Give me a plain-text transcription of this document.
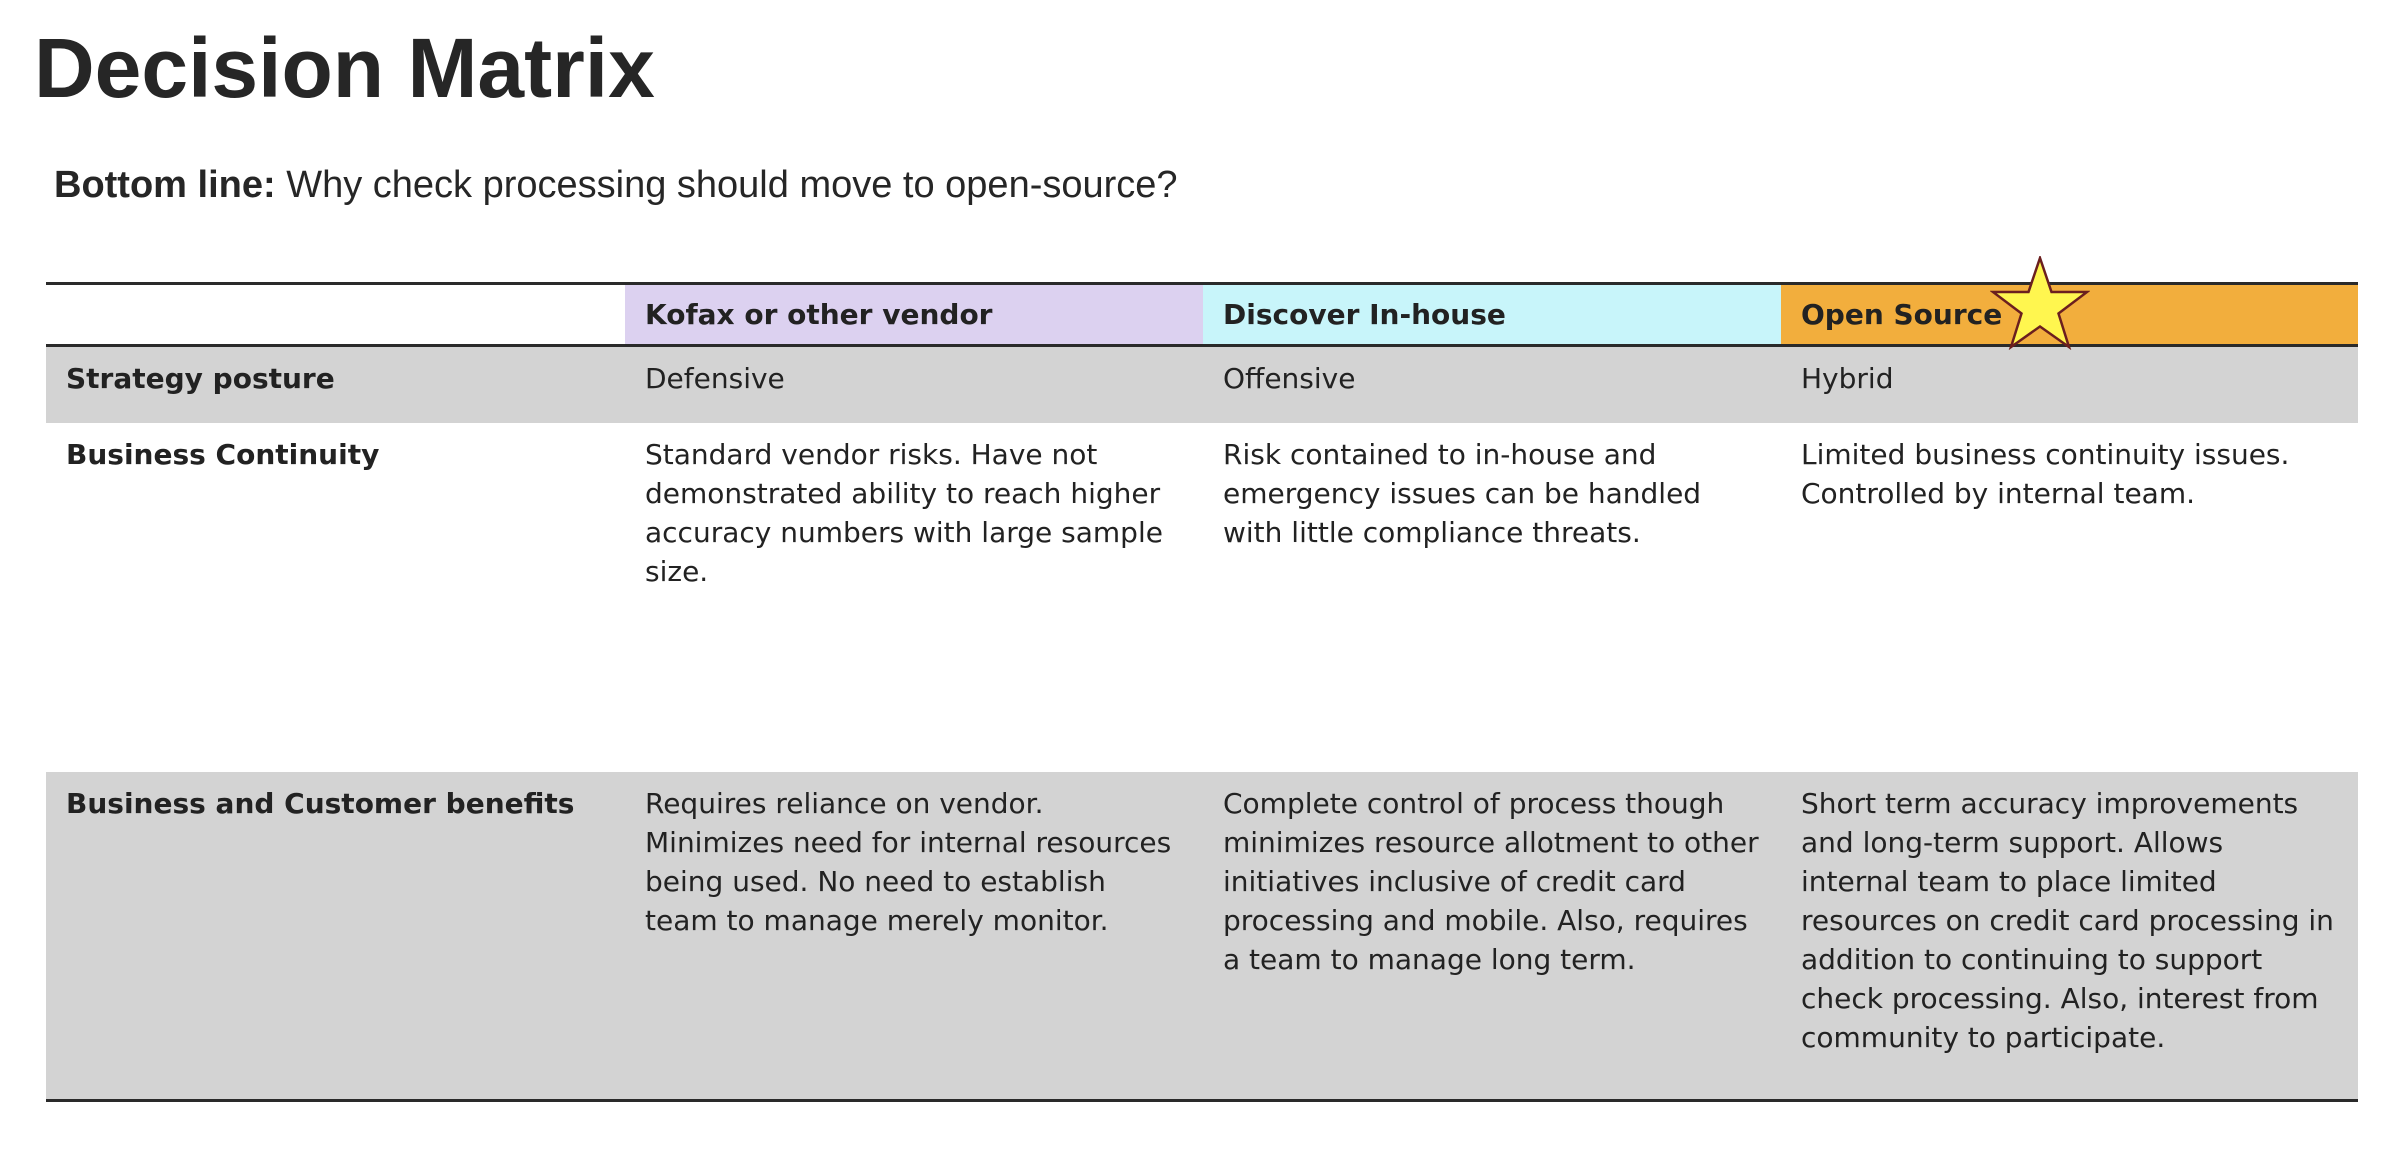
Decision Matrix

Bottom line: Why check processing should move to open-source?

	Kofax or other vendor	Discover In-house	Open Source
Strategy posture	Defensive	Offensive	Hybrid
Business Continuity	Standard vendor risks. Have not demonstrated ability to reach higher accuracy numbers with large sample size.	Risk contained to in-house and emergency issues can be handled with little compliance threats.	Limited business continuity issues. Controlled by internal team.
Business and Customer benefits	Requires reliance on vendor. Minimizes need for internal resources being used. No need to establish team to manage merely monitor.	Complete control of process though minimizes resource allotment to other initiatives inclusive of credit card processing and mobile. Also, requires a team to manage long term.	Short term accuracy improvements and long-term support. Allows internal team to place limited resources on credit card processing in addition to continuing to support check processing. Also, interest from community to participate.
